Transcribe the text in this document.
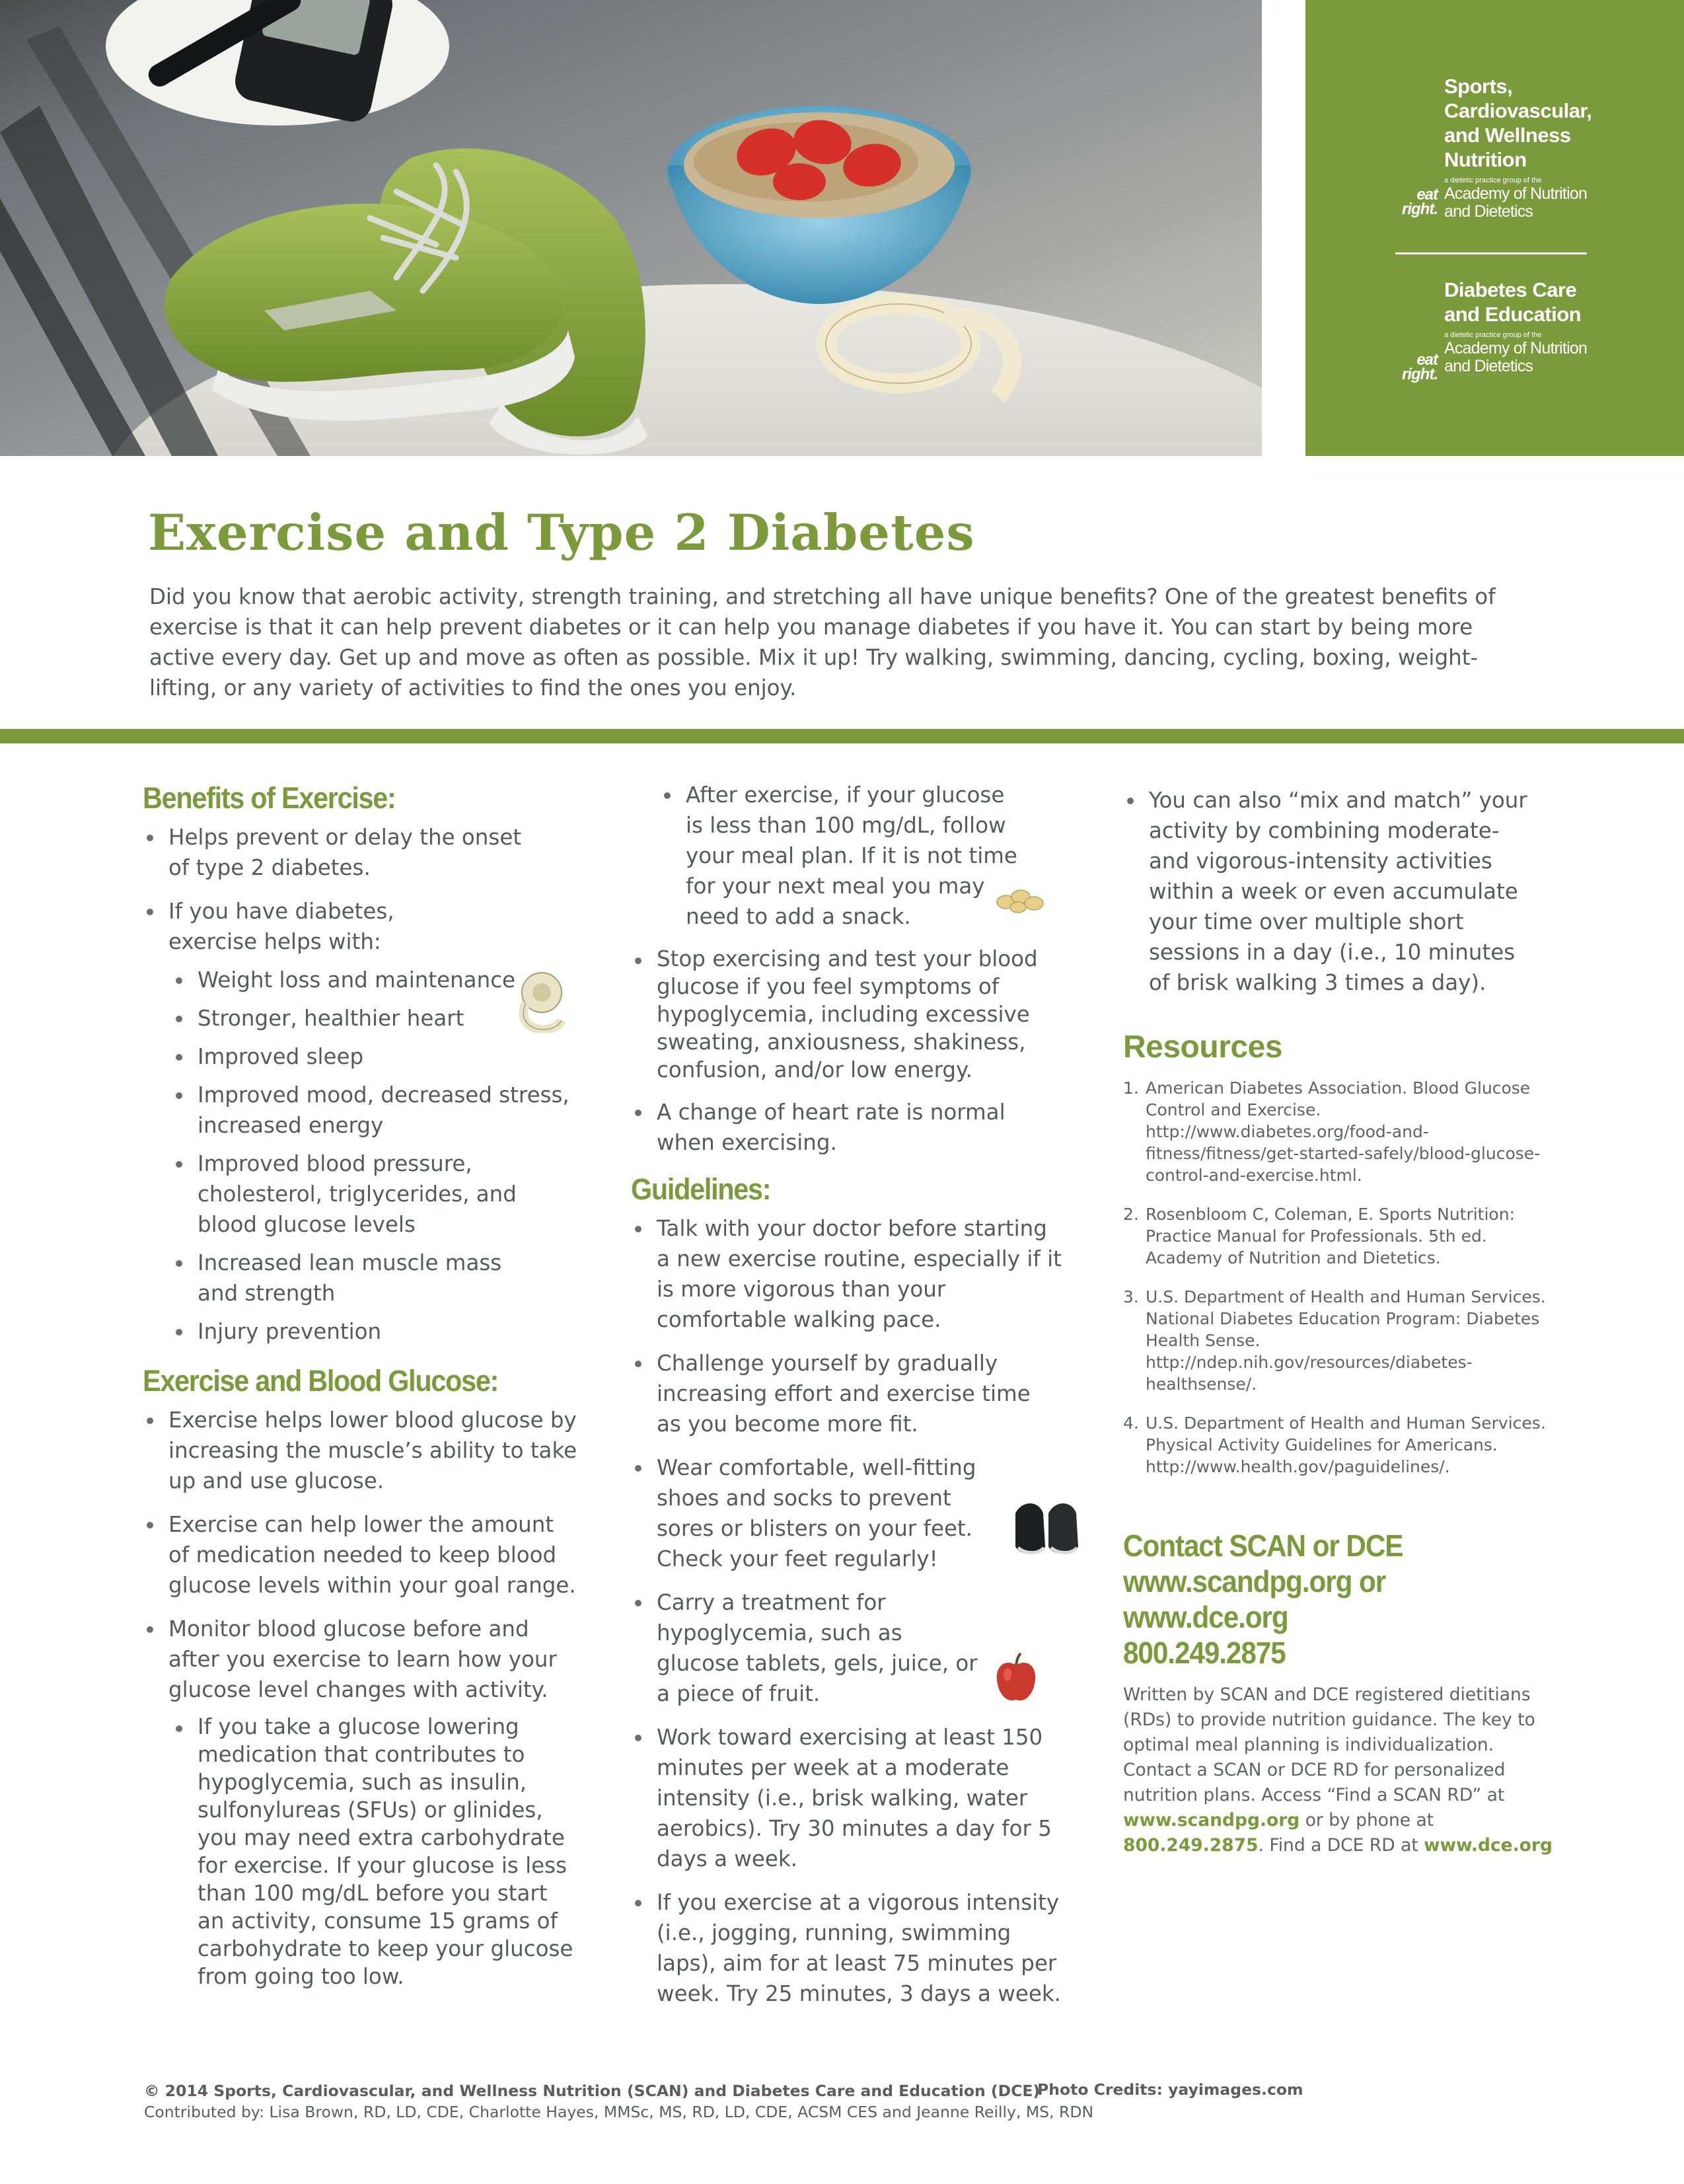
Sports,
Cardiovascular,
and Wellness
Nutrition
a dietetic practice group of the
Academy of Nutrition
and Dietetics
eat
right.
Diabetes Care
and Education
a dietetic practice group of the
Academy of Nutrition
and Dietetics
eat
right.
Exercise and Type 2 Diabetes

Did you know that aerobic activity, strength training, and stretching all have unique benefits? One of the greatest benefits of exercise is that it can help prevent diabetes or it can help you manage diabetes if you have it. You can start by being more active every day. Get up and move as often as possible. Mix it up! Try walking, swimming, dancing, cycling, boxing, weight-lifting, or any variety of activities to find the ones you enjoy.

Benefits of Exercise:
Helps prevent or delay the onset of type 2 diabetes.
If you have diabetes, exercise helps with:
Weight loss and maintenance
Stronger, healthier heart
Improved sleep
Improved mood, decreased stress, increased energy
Improved blood pressure, cholesterol, triglycerides, and blood glucose levels
Increased lean muscle mass and strength
Injury prevention
Exercise and Blood Glucose:
Exercise helps lower blood glucose by increasing the muscle’s ability to take up and use glucose.
Exercise can help lower the amount of medication needed to keep blood glucose levels within your goal range.
Monitor blood glucose before and after you exercise to learn how your glucose level changes with activity.
If you take a glucose lowering medication that contributes to hypoglycemia, such as insulin, sulfonylureas (SFUs) or glinides, you may need extra carbohydrate for exercise. If your glucose is less than 100 mg/dL before you start an activity, consume 15 grams of carbohydrate to keep your glucose from going too low.
After exercise, if your glucose is less than 100 mg/dL, follow your meal plan. If it is not time for your next meal you may need to add a snack.
Stop exercising and test your blood glucose if you feel symptoms of hypoglycemia, including excessive sweating, anxiousness, shakiness, confusion, and/or low energy.
A change of heart rate is normal when exercising.
Guidelines:
Talk with your doctor before starting a new exercise routine, especially if it is more vigorous than your comfortable walking pace.
Challenge yourself by gradually increasing effort and exercise time as you become more fit.
Wear comfortable, well-fitting shoes and socks to prevent sores or blisters on your feet. Check your feet regularly!
Carry a treatment for hypoglycemia, such as glucose tablets, gels, juice, or a piece of fruit.
Work toward exercising at least 150 minutes per week at a moderate intensity (i.e., brisk walking, water aerobics). Try 30 minutes a day for 5 days a week.
If you exercise at a vigorous intensity (i.e., jogging, running, swimming laps), aim for at least 75 minutes per week. Try 25 minutes, 3 days a week.
You can also “mix and match” your activity by combining moderate- and vigorous-intensity activities within a week or even accumulate your time over multiple short sessions in a day (i.e., 10 minutes of brisk walking 3 times a day).
Resources
1. American Diabetes Association. Blood Glucose Control and Exercise. http://www.diabetes.org/food-and-fitness/fitness/get-started-safely/blood-glucose-control-and-exercise.html.
2. Rosenbloom C, Coleman, E. Sports Nutrition: Practice Manual for Professionals. 5th ed. Academy of Nutrition and Dietetics.
3. U.S. Department of Health and Human Services. National Diabetes Education Program: Diabetes Health Sense. http://ndep.nih.gov/resources/diabetes-healthsense/.
4. U.S. Department of Health and Human Services. Physical Activity Guidelines for Americans. http://www.health.gov/paguidelines/.
Contact SCAN or DCE
www.scandpg.org or www.dce.org
800.249.2875

Written by SCAN and DCE registered dietitians (RDs) to provide nutrition guidance. The key to optimal meal planning is individualization. Contact a SCAN or DCE RD for personalized nutrition plans. Access “Find a SCAN RD” at www.scandpg.org or by phone at 800.249.2875. Find a DCE RD at www.dce.org

© 2014 Sports, Cardiovascular, and Wellness Nutrition (SCAN) and Diabetes Care and Education (DCE)
Contributed by: Lisa Brown, RD, LD, CDE, Charlotte Hayes, MMSc, MS, RD, LD, CDE, ACSM CES and Jeanne Reilly, MS, RDN
Photo Credits: yayimages.com
